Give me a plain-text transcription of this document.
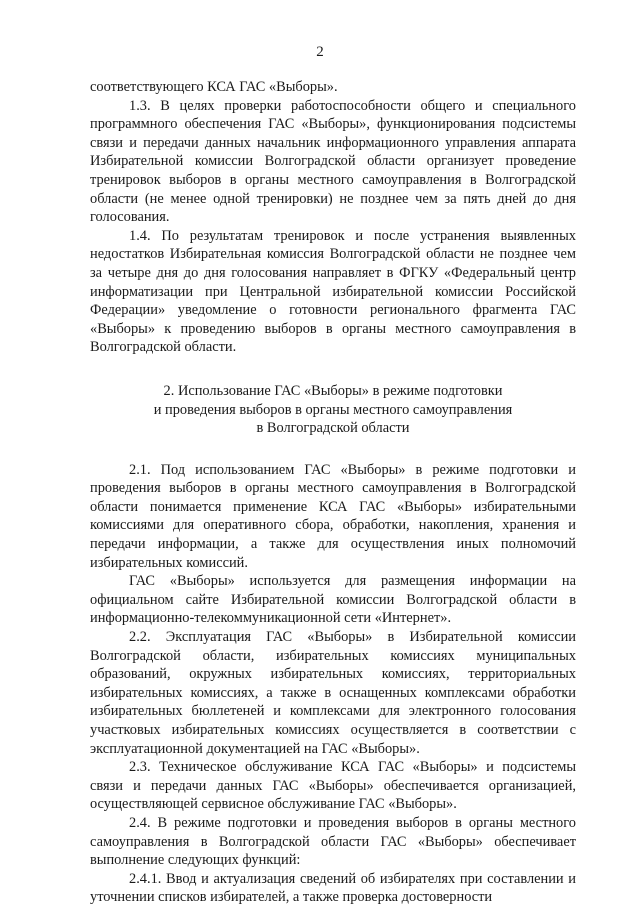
2

соответствующего КСА ГАС «Выборы».

1.3. В целях проверки работоспособности общего и специального программного обеспечения ГАС «Выборы», функционирования подсистемы связи и передачи данных начальник информационного управления аппарата Избирательной комиссии Волгоградской области организует проведение тренировок выборов в органы местного самоуправления в Волгоградской области (не менее одной тренировки) не позднее чем за пять дней до дня голосования.

1.4. По результатам тренировок и после устранения выявленных недостатков Избирательная комиссия Волгоградской области не позднее чем за четыре дня до дня голосования направляет в ФГКУ «Федеральный центр информатизации при Центральной избирательной комиссии Российской Федерации» уведомление о готовности регионального фрагмента ГАС «Выборы» к проведению выборов в органы местного самоуправления в Волгоградской области.

2. Использование ГАС «Выборы» в режиме подготовки
и проведения выборов в органы местного самоуправления
в Волгоградской области

2.1. Под использованием ГАС «Выборы» в режиме подготовки и проведения выборов в органы местного самоуправления в Волгоградской области понимается применение КСА ГАС «Выборы» избирательными комиссиями для оперативного сбора, обработки, накопления, хранения и передачи информации, а также для осуществления иных полномочий избирательных комиссий.

ГАС «Выборы» используется для размещения информации на официальном сайте Избирательной комиссии Волгоградской области в информационно-телекоммуникационной сети «Интернет».

2.2. Эксплуатация ГАС «Выборы» в Избирательной комиссии Волгоградской области, избирательных комиссиях муниципальных образований, окружных избирательных комиссиях, территориальных избирательных комиссиях, а также в оснащенных комплексами обработки избирательных бюллетеней и комплексами для электронного голосования участковых избирательных комиссиях осуществляется в соответствии с эксплуатационной документацией на ГАС «Выборы».

2.3. Техническое обслуживание КСА ГАС «Выборы» и подсистемы связи и передачи данных ГАС «Выборы» обеспечивается организацией, осуществляющей сервисное обслуживание ГАС «Выборы».

2.4. В режиме подготовки и проведения выборов в органы местного самоуправления в Волгоградской области ГАС «Выборы» обеспечивает выполнение следующих функций:

2.4.1. Ввод и актуализация сведений об избирателях при составлении и уточнении списков избирателей, а также проверка достоверности
